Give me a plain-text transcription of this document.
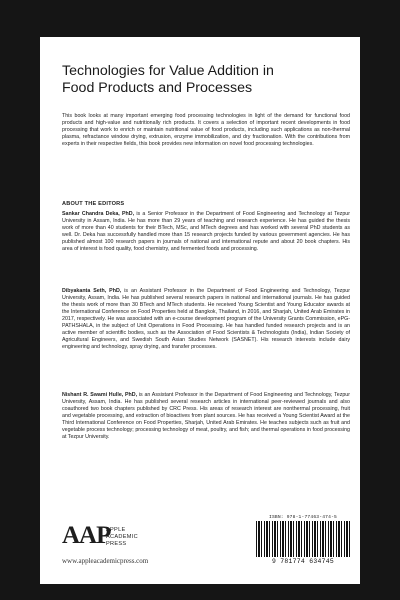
Technologies for Value Addition in
Food Products and Processes

This book looks at many important emerging food processing technologies in light of the demand for functional food products and high-value and nutritionally rich products. It covers a selection of important recent developments in food processing that work to enrich or maintain nutritional value of food products, including such applications as non-thermal plasma, refractance window drying, extrusion, enzyme immobilization, and dry fractionation. With the contributions from experts in their respective fields, this book provides new information on novel food processing technologies.

ABOUT THE EDITORS

Sankar Chandra Deka, PhD, is a Senior Professor in the Department of Food Engineering and Technology at Tezpur University in Assam, India. He has more than 29 years of teaching and research experience. He has guided the thesis work of more than 40 students for their BTech, MSc, and MTech degrees and has worked with several PhD students as well. Dr. Deka has successfully handled more than 15 research projects funded by various government agencies. He has published almost 100 research papers in journals of national and international repute and about 20 book chapters. His area of interest is food quality, food chemistry, and fermented foods and processing.

Dibyakanta Seth, PhD, is an Assistant Professor in the Department of Food Engineering and Technology, Tezpur University, Assam, India. He has published several research papers in national and international journals. He has guided the thesis work of more than 30 BTech and MTech students. He received Young Scientist and Young Educator awards at the International Conference on Food Properties held at Bangkok, Thailand, in 2016, and Sharjah, United Arab Emirates in 2017, respectively. He was associated with an e-course development program of the University Grants Commission, ePG-PATHSHALA, in the subject of Unit Operations in Food Processing. He has handled funded research projects and is an active member of scientific bodies, such as the Association of Food Scientists & Technologists (India), Indian Society of Agricultural Engineers, and Swedish South Asian Studies Network (SASNET). His research interests include dairy engineering and technology, spray drying, and transfer processes.

Nishant R. Swami Hulle, PhD, is an Assistant Professor in the Department of Food Engineering and Technology, Tezpur University, Assam, India. He has published several research articles in international peer-reviewed journals and also coauthored two book chapters published by CRC Press. His areas of research interest are nonthermal processing, fruit and vegetable processing, and extraction of bioactives from plant sources. He has received a Young Scientist Award at the Third International Conference on Food Properties, Sharjah, United Arab Emirates. He teaches subjects such as fruit and vegetable process technology; processing technology of meat, poultry, and fish; and thermal operations in food processing at Tezpur University.

AAP
APPLE
ACADEMIC
PRESS
www.appleacademicpress.com
ISBN: 978-1-77463-474-5
9 781774 634745
